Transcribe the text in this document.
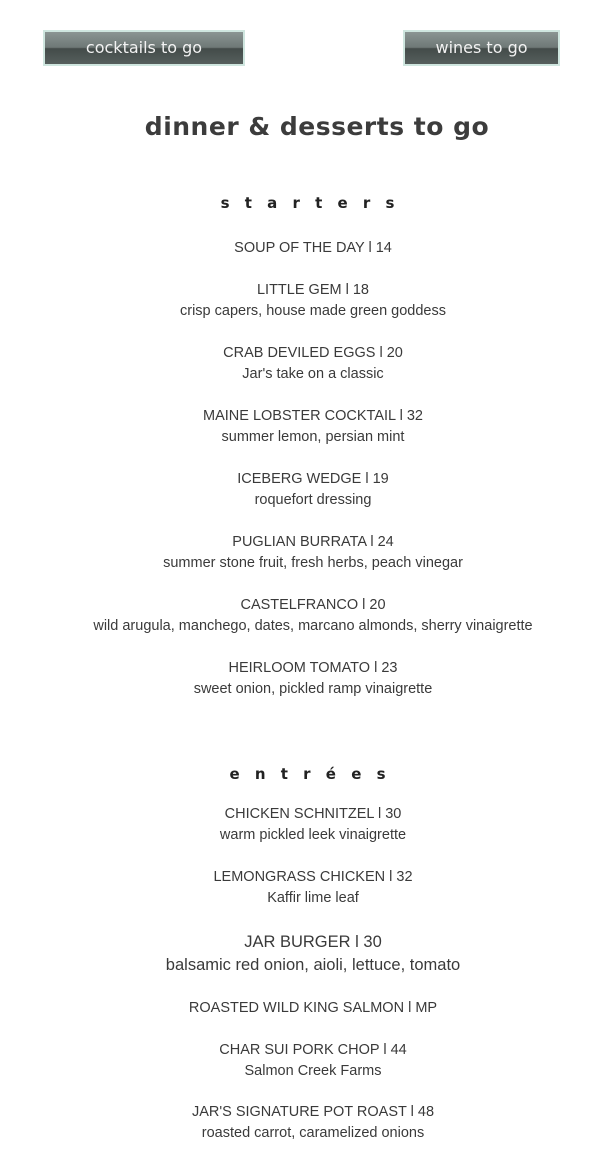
cocktails to go	wines to go
dinner & desserts to go
s t a r t e r s
SOUP OF THE DAY l 14
LITTLE GEM l 18
crisp capers, house made green goddess
CRAB DEVILED EGGS l 20
Jar's take on a classic
MAINE LOBSTER COCKTAIL l 32
summer lemon, persian mint
ICEBERG WEDGE l 19
roquefort dressing
PUGLIAN BURRATA l 24
summer stone fruit, fresh herbs, peach vinegar
CASTELFRANCO l 20
wild arugula, manchego, dates, marcano almonds, sherry vinaigrette
HEIRLOOM TOMATO l 23
sweet onion, pickled ramp vinaigrette
e n t r é e s
CHICKEN SCHNITZEL l 30
warm pickled leek vinaigrette
LEMONGRASS CHICKEN l 32
Kaffir lime leaf
JAR BURGER l 30
balsamic red onion, aioli, lettuce, tomato
ROASTED WILD KING SALMON l MP
CHAR SUI PORK CHOP l 44
Salmon Creek Farms
JAR'S SIGNATURE POT ROAST l 48
roasted carrot, caramelized onions
